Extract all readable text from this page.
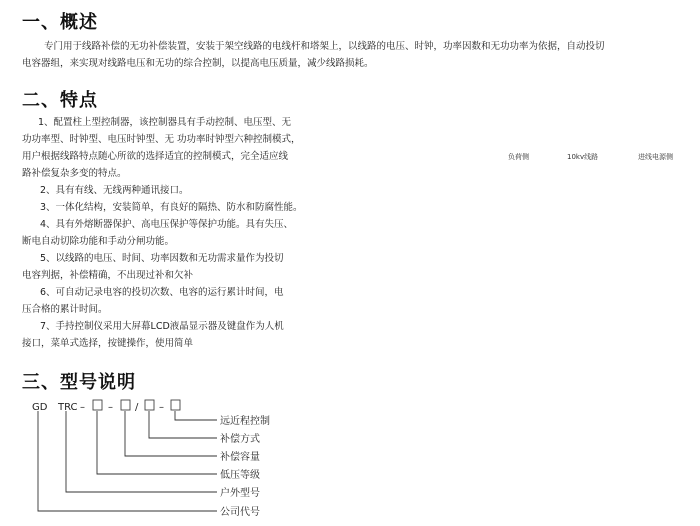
一、概述
专门用于线路补偿的无功补偿装置，安装于架空线路的电线杆和塔架上，以线路的电压、时钟，功率因数和无功功率为依据，自动投切
电容器组，来实现对线路电压和无功的综合控制，以提高电压质量，减少线路损耗。
二、特点

1、配置柱上型控制器，该控制器具有手动控制、电压型、无

功功率型、时钟型、电压时钟型、无 功功率时钟型六种控制模式，

用户根据线路特点随心所欲的选择适宜的控制模式，完全适应线

路补偿复杂多变的特点。

2、具有有线、无线两种通讯接口。

3、一体化结构，安装简单，有良好的隔热、防水和防腐性能。

4、具有外熔断器保护、高电压保护等保护功能。具有失压、

断电自动切除功能和手动分闸功能。

5、以线路的电压、时间、功率因数和无功需求量作为投切

电容判据，补偿精确，不出现过补和欠补

6、可自动记录电容的投切次数、电容的运行累计时间，电

压合格的累计时间。

7、手持控制仪采用大屏幕LCD液晶显示器及键盘作为人机

接口，菜单式选择，按键操作，使用简单

负荷侧	10kv线路	进线电源侧
三、型号说明
GD TRC – – / –
远近程控制
补偿方式
补偿容量
低压等级
户外型号
公司代号
